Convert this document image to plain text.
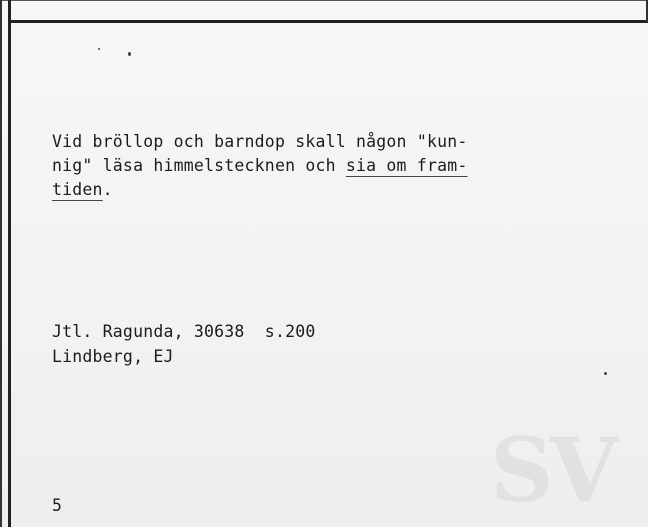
SV
Vid bröllop och barndop skall någon "kun-
nig" läsa himmelstecknen och sia om fram-
tiden.
Jtl. Ragunda, 30638  s.200
Lindberg, EJ
5
